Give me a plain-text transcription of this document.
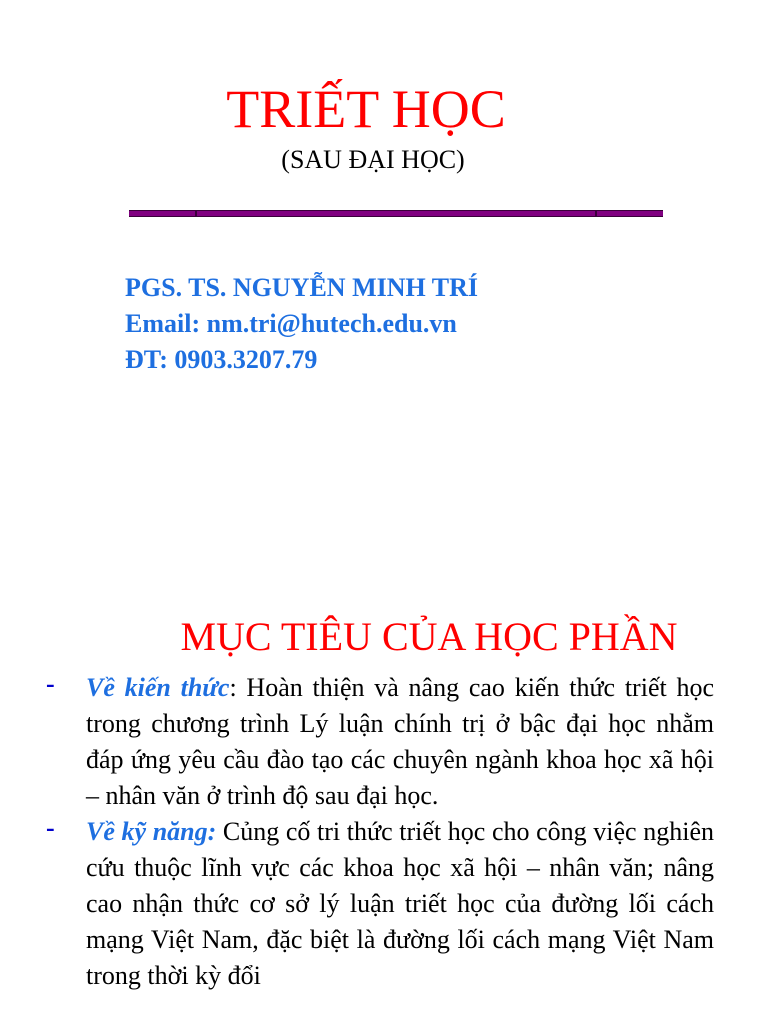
TRIẾT HỌC
(SAU ĐẠI HỌC)
PGS. TS. NGUYỄN MINH TRÍ
Email: nm.tri@hutech.edu.vn
ĐT: 0903.3207.79
MỤC TIÊU CỦA HỌC PHẦN
- Về kiến thức: Hoàn thiện và nâng cao kiến thức triết học trong chương trình Lý luận chính trị ở bậc đại học nhằm đáp ứng yêu cầu đào tạo các chuyên ngành khoa học xã hội – nhân văn ở trình độ sau đại học.
- Về kỹ năng: Củng cố tri thức triết học cho công việc nghiên cứu thuộc lĩnh vực các khoa học xã hội – nhân văn; nâng cao nhận thức cơ sở lý luận triết học của đường lối cách mạng Việt Nam, đặc biệt là đường lối cách mạng Việt Nam trong thời kỳ đổi
